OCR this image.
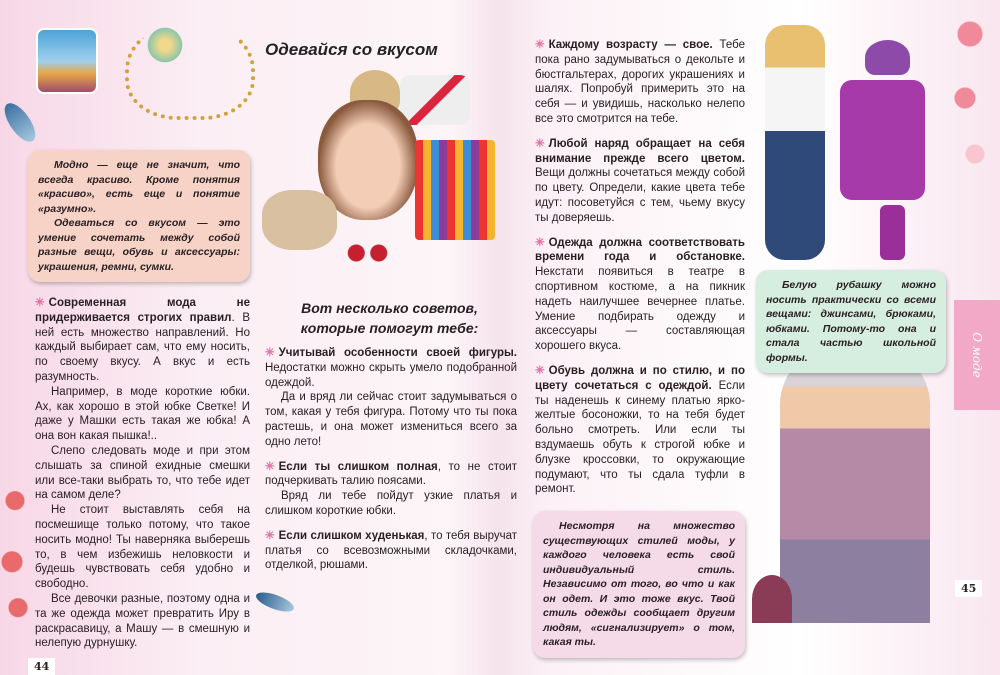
Модно — еще не значит, что всегда красиво. Кроме понятия «красиво», есть еще и понятие «разумно».

Одеваться со вкусом — это умение сочетать между собой разные вещи, обувь и аксессуары: украшения, ремни, сумки.

✳ Современная мода не придерживается строгих правил. В ней есть множество направлений. Но каждый выбирает сам, что ему носить, по своему вкусу. А вкус и есть разумность.

Например, в моде короткие юбки. Ах, как хорошо в этой юбке Светке! И даже у Машки есть такая же юбка! А она вон какая пышка!..

Слепо следовать моде и при этом слышать за спиной ехидные смешки или все-таки выбрать то, что тебе идет на самом деле?

Не стоит выставлять себя на посмешище только потому, что такое носить модно! Ты наверняка выберешь то, в чем избежишь неловкости и будешь чувствовать себя удобно и свободно.

Все девочки разные, поэтому одна и та же одежда может превратить Иру в раскрасавицу, а Машу — в смешную и нелепую дурнушку.

44
Одевайся со вкусом
Вот несколько советов,
которые помогут тебе:

✳ Учитывай особенности своей фигуры. Недостатки можно скрыть умело подобранной одеждой.

Да и вряд ли сейчас стоит задумываться о том, какая у тебя фигура. Потому что ты пока растешь, и она может измениться всего за одно лето!

✳ Если ты слишком полная, то не стоит подчеркивать талию поясами.

Вряд ли тебе пойдут узкие платья и слишком короткие юбки.

✳ Если слишком худенькая, то тебя выручат платья со всевозможными складочками, отделкой, рюшами.

✳ Каждому возрасту — свое. Тебе пока рано задумываться о декольте и бюстгальтерах, дорогих украшениях и шалях. Попробуй примерить это на себя — и увидишь, насколько нелепо все это смотрится на тебе.

✳ Любой наряд обращает на себя внимание прежде всего цветом. Вещи должны сочетаться между собой по цвету. Определи, какие цвета тебе идут: посоветуйся с тем, чьему вкусу ты доверяешь.

✳ Одежда должна соответствовать времени года и обстановке. Некстати появиться в театре в спортивном костюме, а на пикник надеть наилучшее вечернее платье. Умение подбирать одежду и аксессуары — составляющая хорошего вкуса.

✳ Обувь должна и по стилю, и по цвету сочетаться с одеждой. Если ты наденешь к синему платью ярко-желтые босоножки, то на тебя будет больно смотреть. Или если ты вздумаешь обуть к строгой юбке и блузке кроссовки, то окружающие подумают, что ты сдала туфли в ремонт.

Несмотря на множество существующих стилей моды, у каждого человека есть свой индивидуальный стиль. Независимо от того, во что и как он одет. И это тоже вкус. Твой стиль одежды сообщает другим людям, «сигнализирует» о том, какая ты.

Белую рубашку можно носить практически со всеми вещами: джинсами, брюками, юбками. Потому-то она и стала частью школьной формы.	О моде
45
